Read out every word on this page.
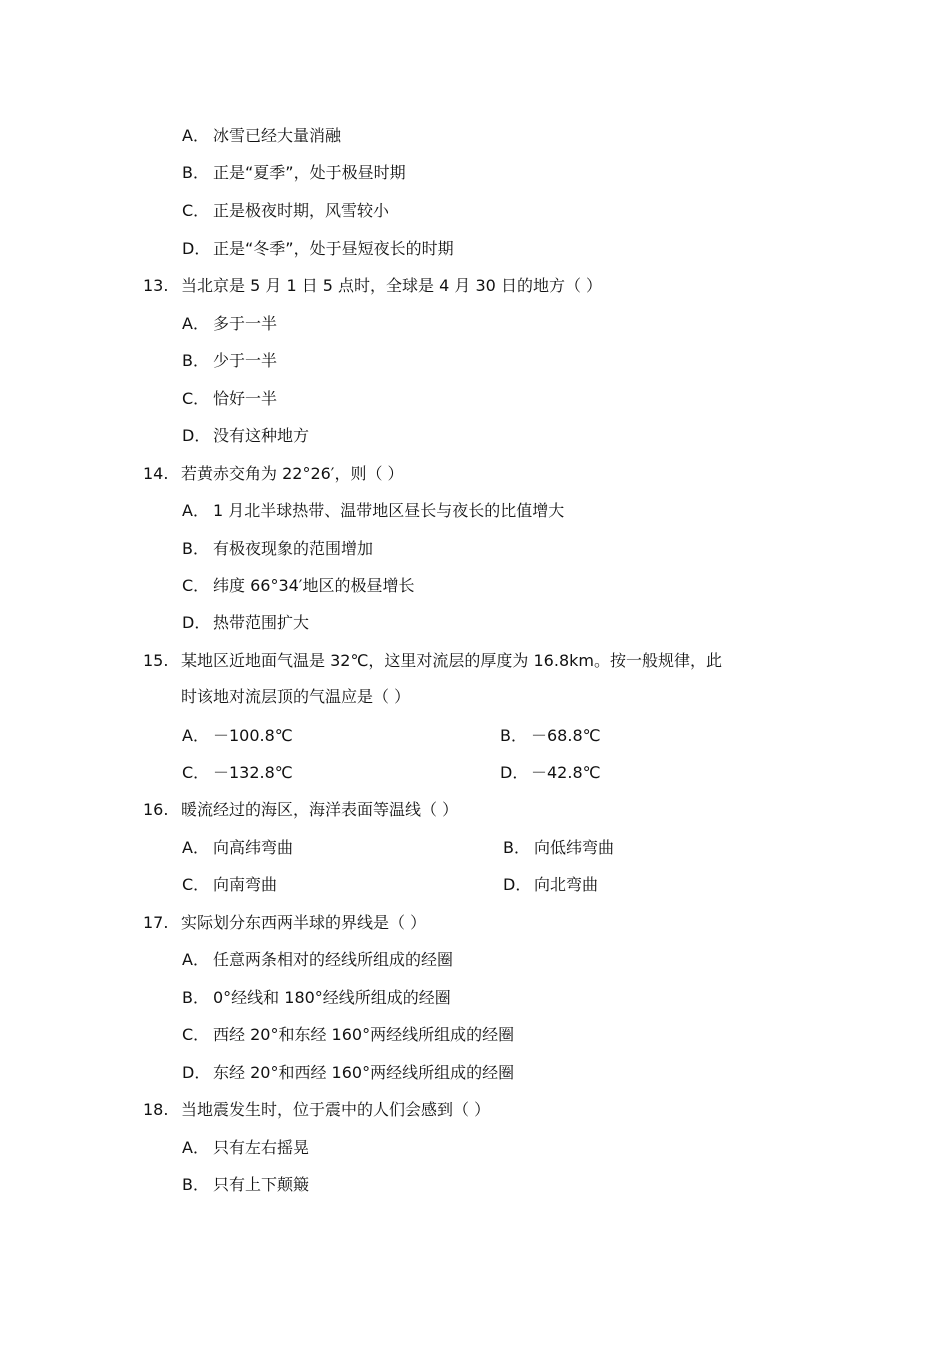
A． 冰雪已经大量消融
B． 正是“夏季”，处于极昼时期
C． 正是极夜时期，风雪较小
D． 正是“冬季”，处于昼短夜长的时期
13. 当北京是 5 月 1 日 5 点时，全球是 4 月 30 日的地方（ ）
A． 多于一半
B． 少于一半
C． 恰好一半
D． 没有这种地方
14. 若黄赤交角为 22°26′，则（ ）
A． 1 月北半球热带、温带地区昼长与夜长的比值增大
B． 有极夜现象的范围增加
C． 纬度 66°34′地区的极昼增长
D． 热带范围扩大
15. 某地区近地面气温是 32℃，这里对流层的厚度为 16.8km。按一般规律，此
时该地对流层顶的气温应是（ ）
A． －100.8℃	B． －68.8℃
C． －132.8℃	D． －42.8℃
16. 暖流经过的海区，海洋表面等温线（ ）
A． 向高纬弯曲	B． 向低纬弯曲
C． 向南弯曲	D． 向北弯曲
17. 实际划分东西两半球的界线是（ ）
A． 任意两条相对的经线所组成的经圈
B． 0°经线和 180°经线所组成的经圈
C． 西经 20°和东经 160°两经线所组成的经圈
D． 东经 20°和西经 160°两经线所组成的经圈
18. 当地震发生时，位于震中的人们会感到（ ）
A． 只有左右摇晃
B． 只有上下颠簸
